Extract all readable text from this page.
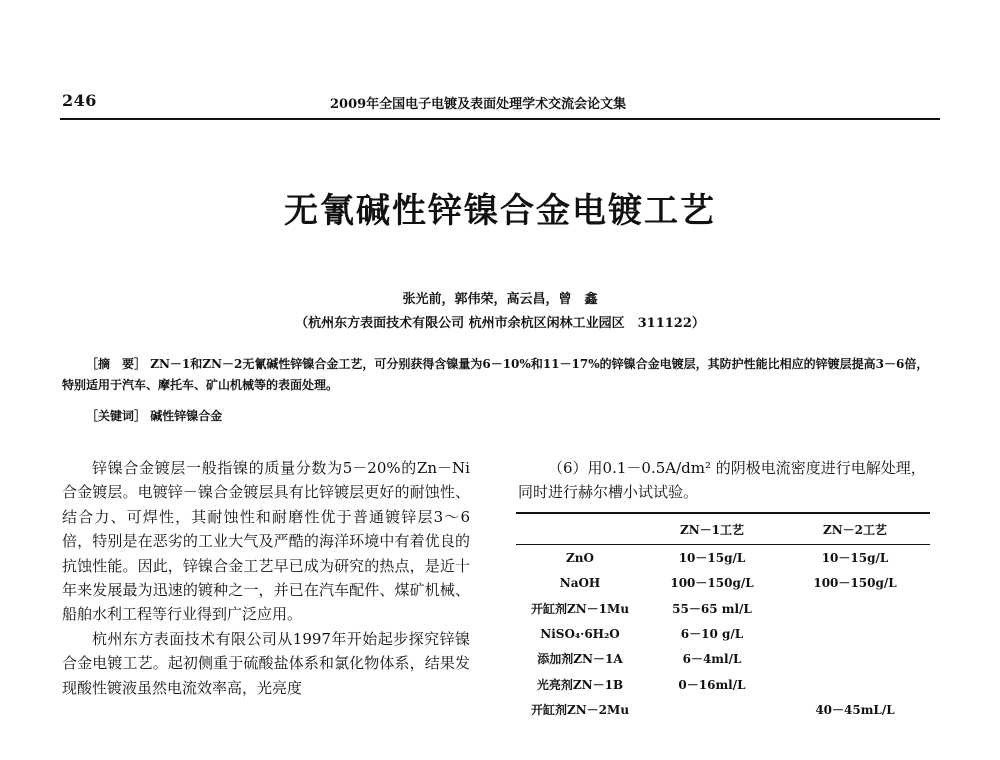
246	2009年全国电子电镀及表面处理学术交流会论文集
无氰碱性锌镍合金电镀工艺
张光前，郭伟荣，高云昌，曾　鑫
（杭州东方表面技术有限公司 杭州市余杭区闲林工业园区　311122）
［摘　要］ ZN－1和ZN－2无氰碱性锌镍合金工艺，可分别获得含镍量为6－10%和11－17%的锌镍合金电镀层，其防护性能比相应的锌镀层提高3－6倍，特别适用于汽车、摩托车、矿山机械等的表面处理。
［关键词］ 碱性锌镍合金

锌镍合金镀层一般指镍的质量分数为5－20%的Zn－Ni合金镀层。电镀锌－镍合金镀层具有比锌镀层更好的耐蚀性、结合力、可焊性，其耐蚀性和耐磨性优于普通镀锌层3～6倍，特别是在恶劣的工业大气及严酷的海洋环境中有着优良的抗蚀性能。因此，锌镍合金工艺早已成为研究的热点，是近十年来发展最为迅速的镀种之一，并已在汽车配件、煤矿机械、船舶水利工程等行业得到广泛应用。

杭州东方表面技术有限公司从1997年开始起步探究锌镍合金电镀工艺。起初侧重于硫酸盐体系和氯化物体系，结果发现酸性镀液虽然电流效率高，光亮度

（6）用0.1－0.5A/dm² 的阴极电流密度进行电解处理，同时进行赫尔槽小试试验。

	ZN－1工艺	ZN－2工艺
ZnO	10－15g/L	10－15g/L
NaOH	100－150g/L	100－150g/L
开缸剂ZN－1Mu	55－65 ml/L	
NiSO₄·6H₂O	6－10 g/L	
添加剂ZN－1A	6－4ml/L	
光亮剂ZN－1B	0－16ml/L	
开缸剂ZN－2Mu		40－45mL/L
